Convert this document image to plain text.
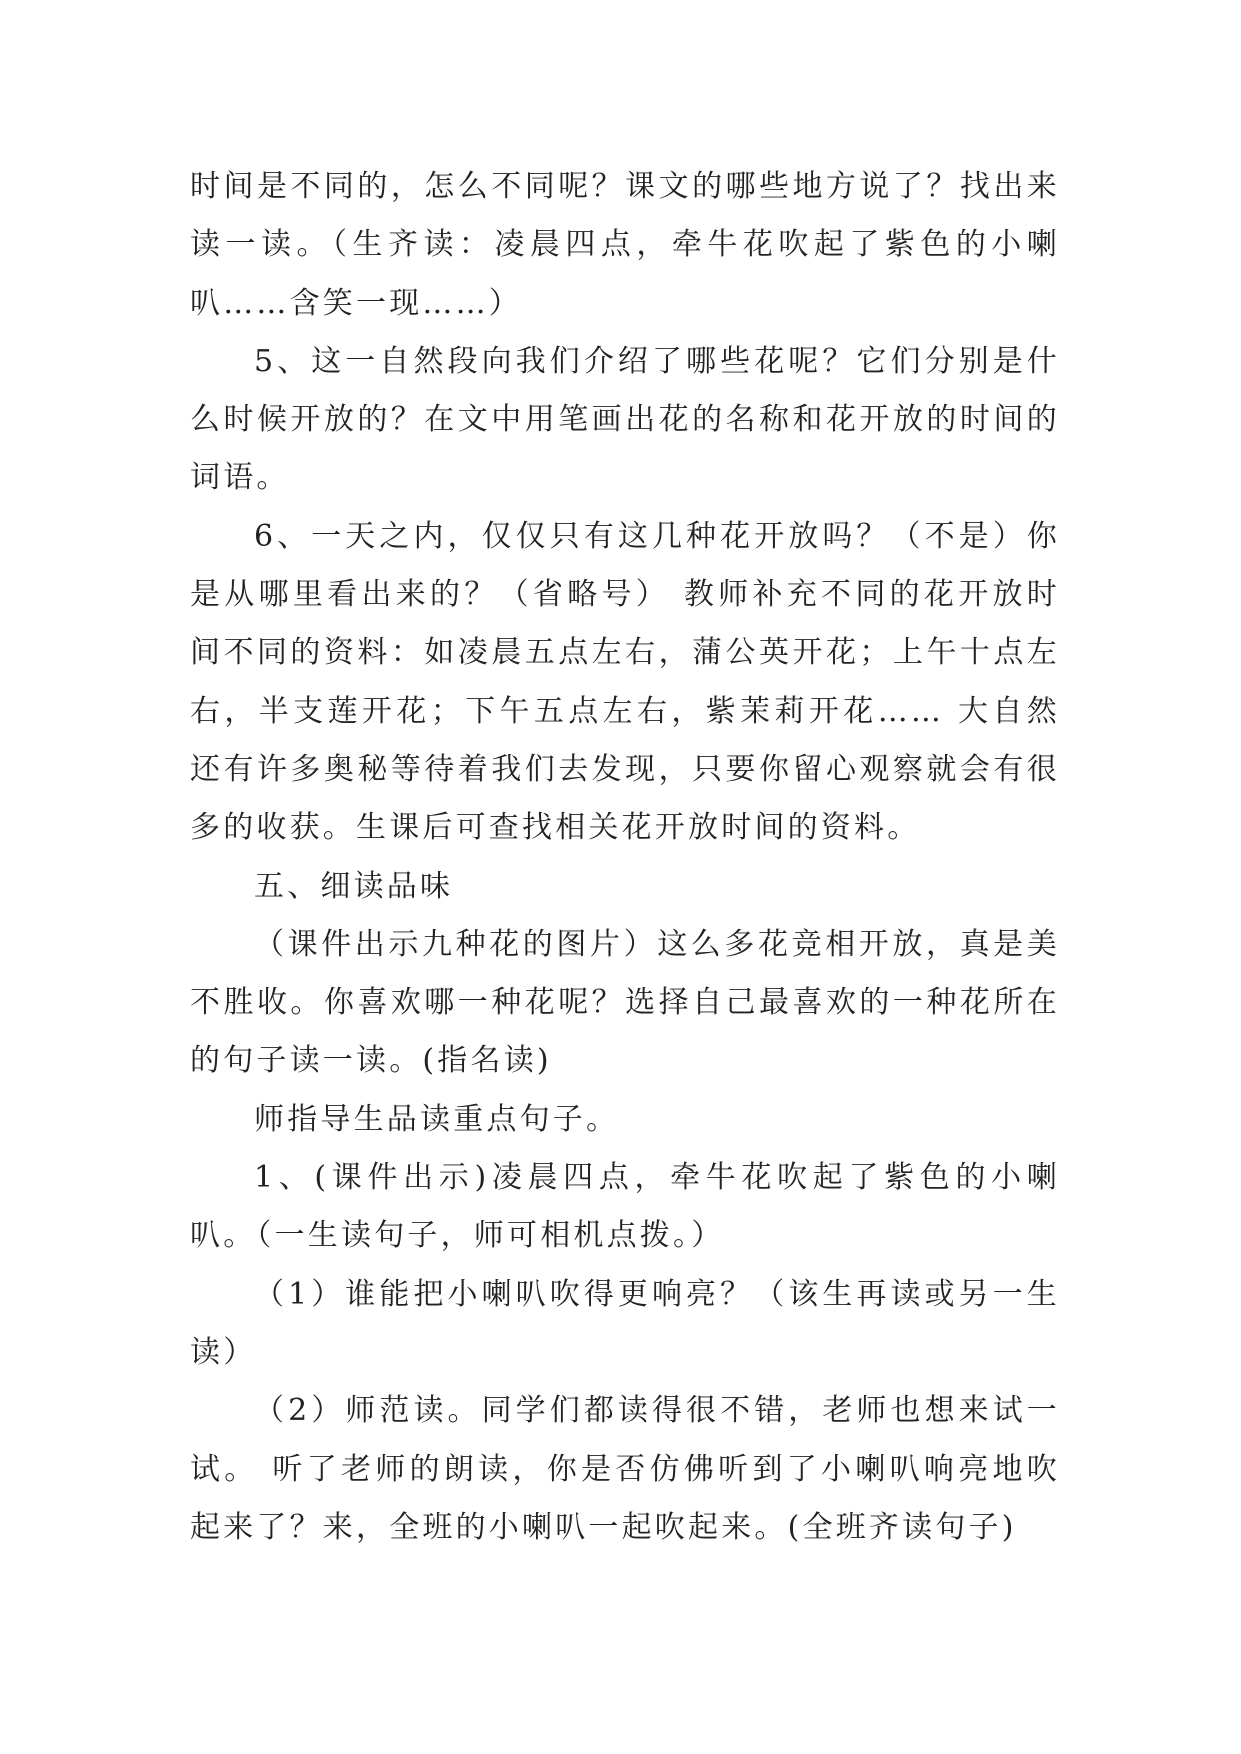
时间是不同的，怎么不同呢？课文的哪些地方说了？找出来读一读。（生齐读：凌晨四点，牵牛花吹起了紫色的小喇叭……含笑一现……）

5、这一自然段向我们介绍了哪些花呢？它们分别是什么时候开放的？在文中用笔画出花的名称和花开放的时间的词语。

6、一天之内，仅仅只有这几种花开放吗？（不是）你是从哪里看出来的？（省略号） 教师补充不同的花开放时间不同的资料：如凌晨五点左右，蒲公英开花；上午十点左右，半支莲开花；下午五点左右，紫茉莉开花…… 大自然还有许多奥秘等待着我们去发现，只要你留心观察就会有很多的收获。生课后可查找相关花开放时间的资料。

五、细读品味

（课件出示九种花的图片）这么多花竞相开放，真是美不胜收。你喜欢哪一种花呢？选择自己最喜欢的一种花所在的句子读一读。(指名读)

师指导生品读重点句子。

1、(课件出示)凌晨四点，牵牛花吹起了紫色的小喇叭。（一生读句子，师可相机点拨。）

（1）谁能把小喇叭吹得更响亮？（该生再读或另一生读）

（2）师范读。同学们都读得很不错，老师也想来试一试。 听了老师的朗读，你是否仿佛听到了小喇叭响亮地吹起来了？来，全班的小喇叭一起吹起来。(全班齐读句子)
